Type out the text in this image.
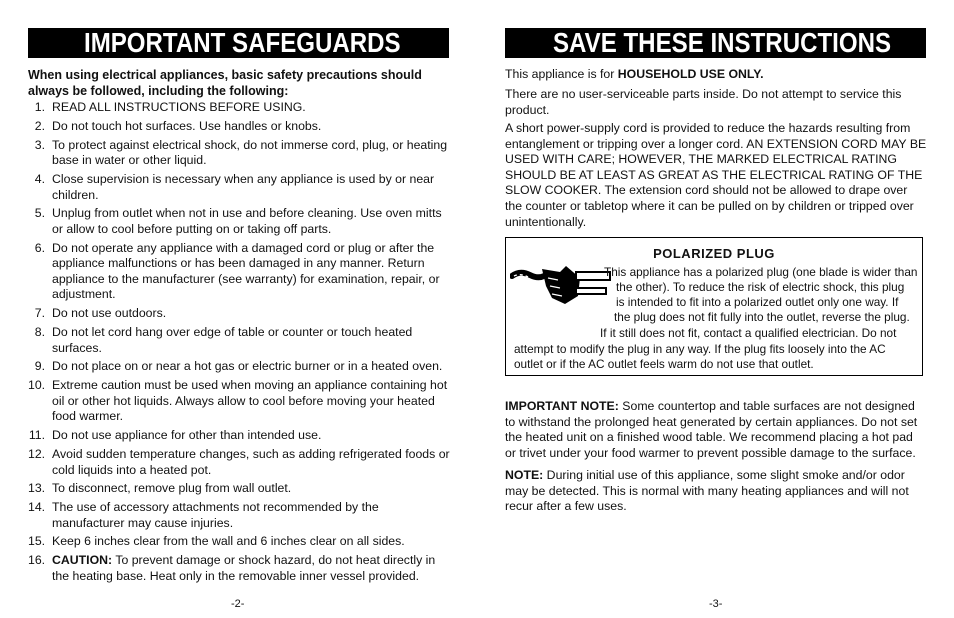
IMPORTANT SAFEGUARDS
When using electrical appliances, basic safety precautions should always be followed, including the following:
1. READ ALL INSTRUCTIONS BEFORE USING.
2. Do not touch hot surfaces. Use handles or knobs.
3. To protect against electrical shock, do not immerse cord, plug, or heating base in water or other liquid.
4. Close supervision is necessary when any appliance is used by or near children.
5. Unplug from outlet when not in use and before cleaning. Use oven mitts or allow to cool before putting on or taking off parts.
6. Do not operate any appliance with a damaged cord or plug or after the appliance malfunctions or has been damaged in any manner. Return appliance to the manufacturer (see warranty) for examination, repair, or adjustment.
7. Do not use outdoors.
8. Do not let cord hang over edge of table or counter or touch heated surfaces.
9. Do not place on or near a hot gas or electric burner or in a heated oven.
10. Extreme caution must be used when moving an appliance containing hot oil or other hot liquids. Always allow to cool before moving your heated food warmer.
11. Do not use appliance for other than intended use.
12. Avoid sudden temperature changes, such as adding refrigerated foods or cold liquids into a heated pot.
13. To disconnect, remove plug from wall outlet.
14. The use of accessory attachments not recommended by the manufacturer may cause injuries.
15. Keep 6 inches clear from the wall and 6 inches clear on all sides.
16. CAUTION: To prevent damage or shock hazard, do not heat directly in the heating base. Heat only in the removable inner vessel provided.
-2-
SAVE THESE INSTRUCTIONS

This appliance is for HOUSEHOLD USE ONLY.

There are no user-serviceable parts inside. Do not attempt to service this product.

A short power-supply cord is provided to reduce the hazards resulting from entanglement or tripping over a longer cord. AN EXTENSION CORD MAY BE USED WITH CARE; HOWEVER, THE MARKED ELECTRICAL RATING SHOULD BE AT LEAST AS GREAT AS THE ELECTRICAL RATING OF THE SLOW COOKER. The extension cord should not be allowed to drape over the counter or tabletop where it can be pulled on by children or tripped over unintentionally.

POLARIZED PLUG
This appliance has a polarized plug (one blade is wider than
the other). To reduce the risk of electric shock, this plug
is intended to fit into a polarized outlet only one way. If
the plug does not fit fully into the outlet, reverse the plug.
If it still does not fit, contact a qualified electrician. Do not
attempt to modify the plug in any way. If the plug fits loosely into the AC
outlet or if the AC outlet feels warm do not use that outlet.

IMPORTANT NOTE: Some countertop and table surfaces are not designed to withstand the prolonged heat generated by certain appliances. Do not set the heated unit on a finished wood table. We recommend placing a hot pad or trivet under your food warmer to prevent possible damage to the surface.

NOTE: During initial use of this appliance, some slight smoke and/or odor may be detected. This is normal with many heating appliances and will not recur after a few uses.

-3-
